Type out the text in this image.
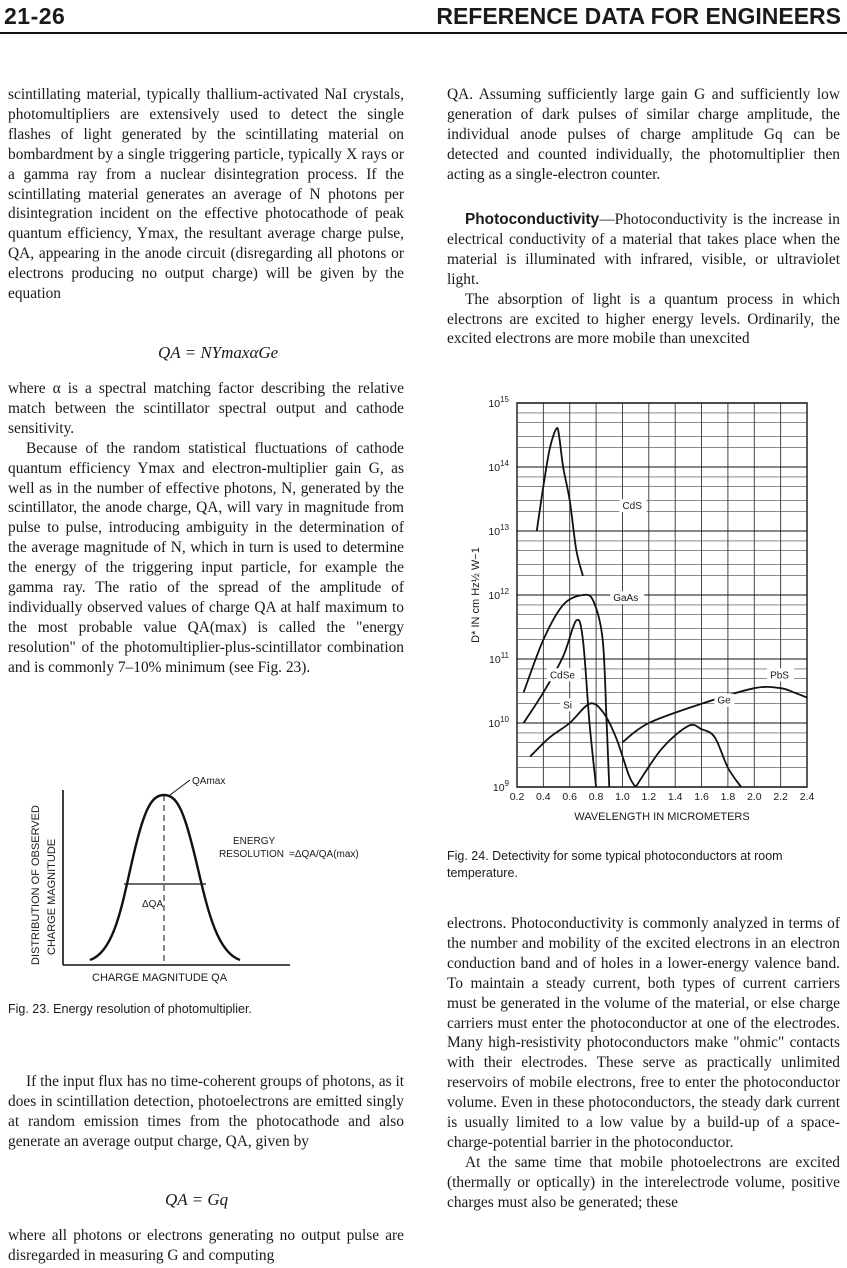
21-26	REFERENCE DATA FOR ENGINEERS

scintillating material, typically thallium-activated NaI crystals, photomultipliers are extensively used to detect the single flashes of light generated by the scintillating material on bombardment by a single triggering particle, typically X rays or a gamma ray from a nuclear disintegration process. If the scintillating material generates an average of N photons per disintegration incident on the effective photocathode of peak quantum efficiency, Ymax, the resultant average charge pulse, QA, appearing in the anode circuit (disregarding all photons or electrons producing no output charge) will be given by the equation

QA = NYmaxαGe

where α is a spectral matching factor describing the relative match between the scintillator spectral output and cathode sensitivity.

Because of the random statistical fluctuations of cathode quantum efficiency Ymax and electron-multiplier gain G, as well as in the number of effective photons, N, generated by the scintillator, the anode charge, QA, will vary in magnitude from pulse to pulse, introducing ambiguity in the determination of the average magnitude of N, which in turn is used to determine the energy of the triggering input particle, for example the gamma ray. The ratio of the spread of the amplitude of individually observed values of charge QA at half maximum to the most probable value QA(max) is called the "energy resolution" of the photomultiplier-plus-scintillator combination and is commonly 7–10% minimum (see Fig. 23).

DISTRIBUTION OF OBSERVED CHARGE MAGNITUDE	ΔQA
QAmax
ENERGY
RESOLUTION =ΔQA/QA(max)
CHARGE MAGNITUDE QA
Fig. 23. Energy resolution of photomultiplier.

If the input flux has no time-coherent groups of photons, as it does in scintillation detection, photoelectrons are emitted singly at random emission times from the photocathode and also generate an average output charge, QA, given by

QA = Gq

where all photons or electrons generating no output pulse are disregarded in measuring G and computing

QA. Assuming sufficiently large gain G and sufficiently low generation of dark pulses of similar charge amplitude, the individual anode pulses of charge amplitude Gq can be detected and counted individually, the photomultiplier then acting as a single-electron counter.

Photoconductivity—Photoconductivity is the increase in electrical conductivity of a material that takes place when the material is illuminated with infrared, visible, or ultraviolet light.

The absorption of light is a quantum process in which electrons are excited to higher energy levels. Ordinarily, the excited electrons are more mobile than unexcited

0.2 0.4 0.6 0.8 1.0 1.2 1.4 1.6 1.8 2.0 2.2 2.4
$10^9$
$10^{10}$
$10^{11}$
$10^{12}$
$10^{13}$
$10^{14}$
$10^{15}$
WAVELENGTH IN MICROMETERS
D* IN cm Hz½ W−1
CdS
GaAs
CdSe
Si
PbS
Ge
Fig. 24. Detectivity for some typical photoconductors at room temperature.

electrons. Photoconductivity is commonly analyzed in terms of the number and mobility of the excited electrons in an electron conduction band and of holes in a lower-energy valence band. To maintain a steady current, both types of current carriers must be generated in the volume of the material, or else charge carriers must enter the photoconductor at one of the electrodes. Many high-resistivity photoconductors make "ohmic" contacts with their electrodes. These serve as practically unlimited reservoirs of mobile electrons, free to enter the photoconductor volume. Even in these photoconductors, the steady dark current is usually limited to a low value by a build-up of a space-charge-potential barrier in the photoconductor.

At the same time that mobile photoelectrons are excited (thermally or optically) in the interelectrode volume, positive charges must also be generated; these
